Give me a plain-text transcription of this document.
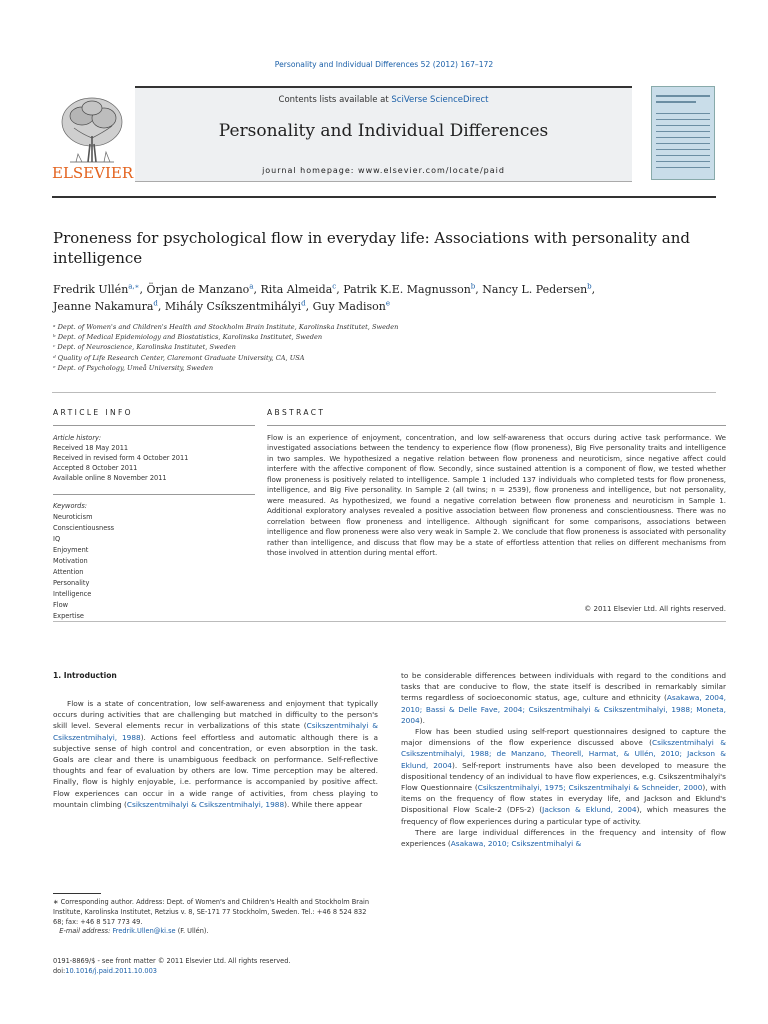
Personality and Individual Differences 52 (2012) 167–172
Contents lists available at SciVerse ScienceDirect
Personality and Individual Differences
journal homepage: www.elsevier.com/locate/paid
ELSEVIER
Proneness for psychological flow in everyday life: Associations with personality and intelligence
Fredrik Ullén$^{a,∗}$, Örjan de Manzano$^a$, Rita Almeida$^c$, Patrik K.E. Magnusson$^b$, Nancy L. Pedersen$^b$,
Jeanne Nakamura$^d$, Mihály Csíkszentmihályi$^d$, Guy Madison$^e$
ᵃ Dept. of Women's and Children's Health and Stockholm Brain Institute, Karolinska Institutet, Sweden
ᵇ Dept. of Medical Epidemiology and Biostatistics, Karolinska Institutet, Sweden
ᶜ Dept. of Neuroscience, Karolinska Institutet, Sweden
ᵈ Quality of Life Research Center, Claremont Graduate University, CA, USA
ᵉ Dept. of Psychology, Umeå University, Sweden
ARTICLE INFO
Article history:
Received 18 May 2011
Received in revised form 4 October 2011
Accepted 8 October 2011
Available online 8 November 2011
Keywords:
Neuroticism
Conscientiousness
IQ
Enjoyment
Motivation
Attention
Personality
Intelligence
Flow
Expertise
ABSTRACT
Flow is an experience of enjoyment, concentration, and low self-awareness that occurs during active task performance. We investigated associations between the tendency to experience flow (flow proneness), Big Five personality traits and intelligence in two samples. We hypothesized a negative relation between flow proneness and neuroticism, since negative affect could interfere with the affective component of flow. Secondly, since sustained attention is a component of flow, we tested whether flow proneness is positively related to intelligence. Sample 1 included 137 individuals who completed tests for flow proneness, intelligence, and Big Five personality. In Sample 2 (all twins; n = 2539), flow proneness and intelligence, but not personality, were measured. As hypothesized, we found a negative correlation between flow proneness and neuroticism in Sample 1. Additional exploratory analyses revealed a positive association between flow proneness and conscientiousness. There was no correlation between flow proneness and intelligence. Although significant for some comparisons, associations between intelligence and flow proneness were also very weak in Sample 2. We conclude that flow proneness is associated with personality rather than intelligence, and discuss that flow may be a state of effortless attention that relies on different mechanisms from those involved in attention during mental effort.
© 2011 Elsevier Ltd. All rights reserved.
1. Introduction

Flow is a state of concentration, low self-awareness and enjoyment that typically occurs during activities that are challenging but matched in difficulty to the person's skill level. Several elements recur in verbalizations of this state (Csikszentmihalyi & Csikszentmihalyi, 1988). Actions feel effortless and automatic although there is a subjective sense of high control and concentration, or even absorption in the task. Goals are clear and there is unambiguous feedback on performance. Self-reflective thoughts and fear of evaluation by others are low. Time perception may be altered. Finally, flow is highly enjoyable, i.e. performance is accompanied by positive affect. Flow experiences can occur in a wide range of activities, from chess playing to mountain climbing (Csikszentmihalyi & Csikszentmihalyi, 1988). While there appear

to be considerable differences between individuals with regard to the conditions and tasks that are conducive to flow, the state itself is described in remarkably similar terms regardless of socioeconomic status, age, culture and ethnicity (Asakawa, 2004, 2010; Bassi & Delle Fave, 2004; Csikszentmihalyi & Csikszentmihalyi, 1988; Moneta, 2004).

Flow has been studied using self-report questionnaires designed to capture the major dimensions of the flow experience discussed above (Csikszentmihalyi & Csikszentmihalyi, 1988; de Manzano, Theorell, Harmat, & Ullén, 2010; Jackson & Eklund, 2004). Self-report instruments have also been developed to measure the dispositional tendency of an individual to have flow experiences, e.g. Csikszentmihalyi's Flow Questionnaire (Csikszentmihalyi, 1975; Csikszentmihalyi & Schneider, 2000), with items on the frequency of flow states in everyday life, and Jackson and Eklund's Dispositional Flow Scale-2 (DFS-2) (Jackson & Eklund, 2004), which measures the frequency of flow experiences during a particular type of activity.

There are large individual differences in the frequency and intensity of flow experiences (Asakawa, 2010; Csikszentmihalyi &

∗ Corresponding author. Address: Dept. of Women's and Children's Health and Stockholm Brain Institute, Karolinska Institutet, Retzius v. 8, SE-171 77 Stockholm, Sweden. Tel.: +46 8 524 832 68; fax: +46 8 517 773 49.
E-mail address: Fredrik.Ullen@ki.se (F. Ullén).
0191-8869/$ - see front matter © 2011 Elsevier Ltd. All rights reserved.
doi:10.1016/j.paid.2011.10.003
